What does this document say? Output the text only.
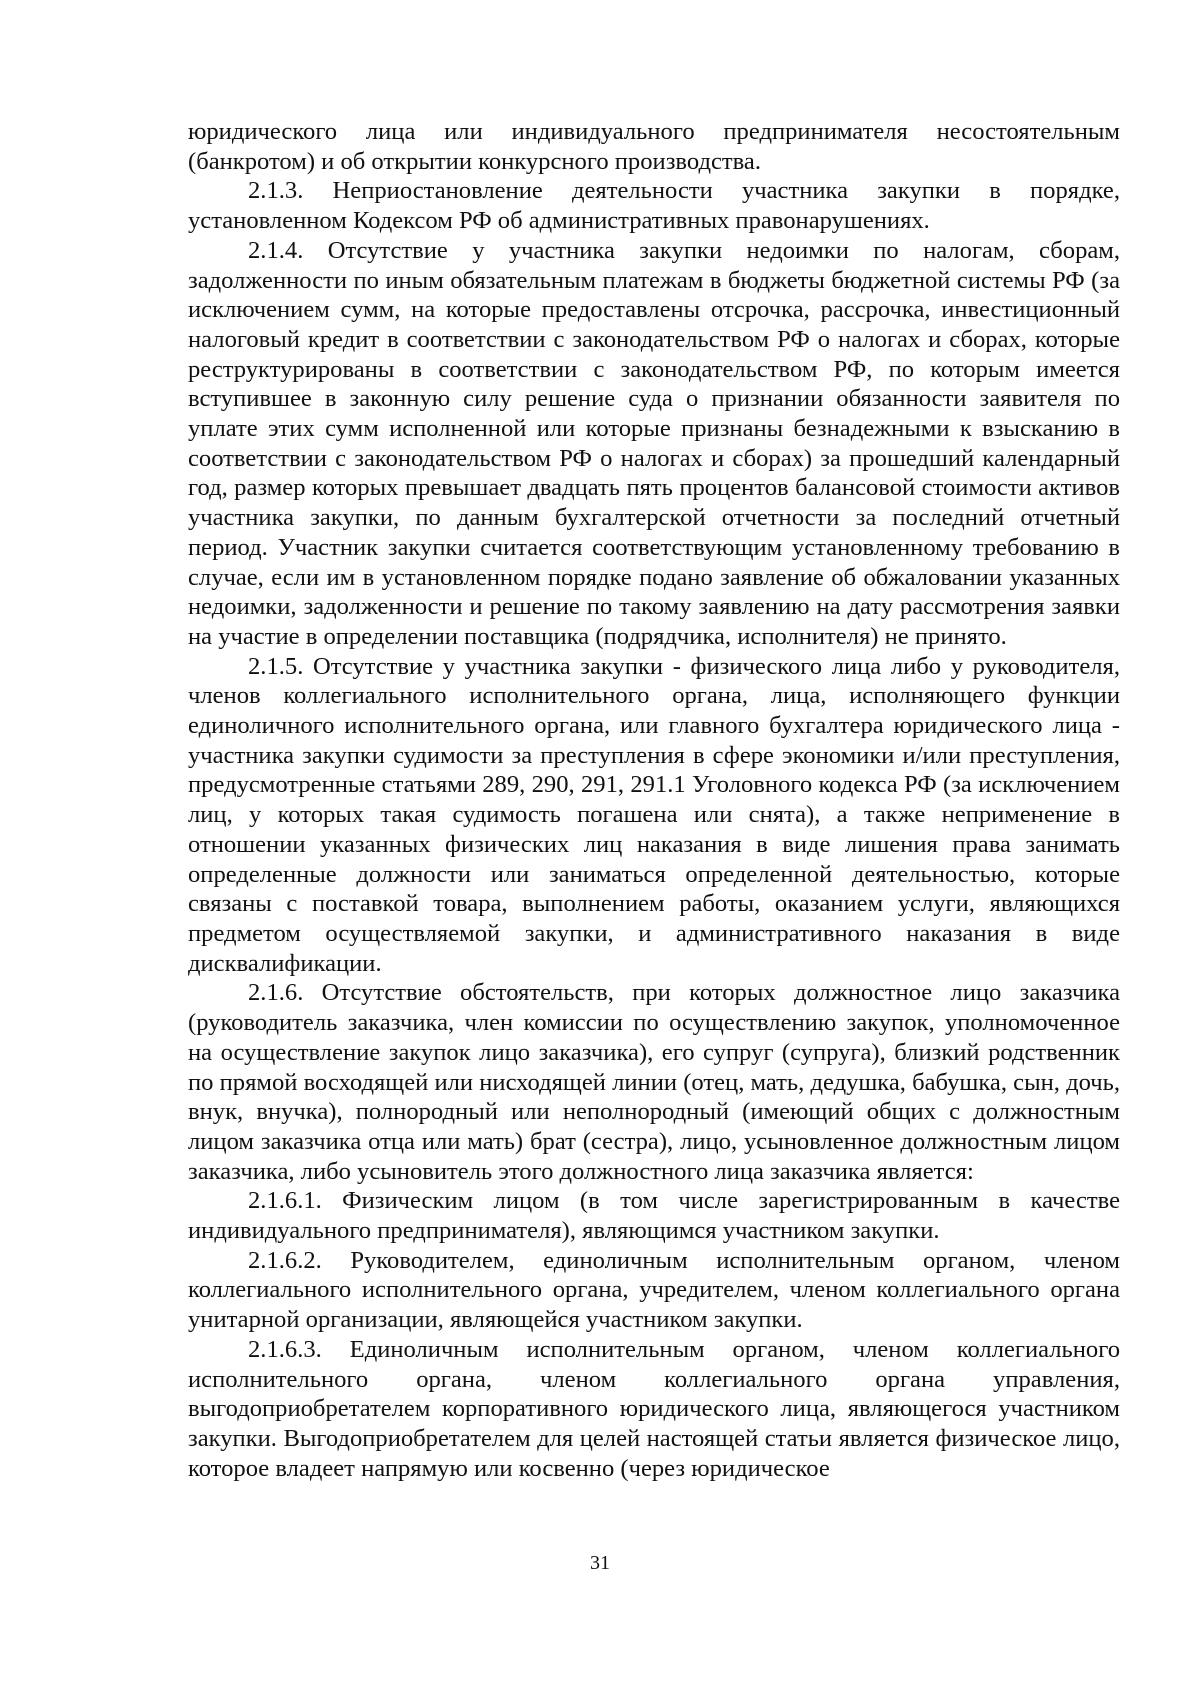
юридического лица или индивидуального предпринимателя несостоятельным (банкротом) и об открытии конкурсного производства.

2.1.3. Неприостановление деятельности участника закупки в порядке, установленном Кодексом РФ об административных правонарушениях.

2.1.4. Отсутствие у участника закупки недоимки по налогам, сборам, задолженности по иным обязательным платежам в бюджеты бюджетной системы РФ (за исключением сумм, на которые предоставлены отсрочка, рассрочка, инвестиционный налоговый кредит в соответствии с законодательством РФ о налогах и сборах, которые реструктурированы в соответствии с законодательством РФ, по которым имеется вступившее в законную силу решение суда о признании обязанности заявителя по уплате этих сумм исполненной или которые признаны безнадежными к взысканию в соответствии с законодательством РФ о налогах и сборах) за прошедший календарный год, размер которых превышает двадцать пять процентов балансовой стоимости активов участника закупки, по данным бухгалтерской отчетности за последний отчетный период. Участник закупки считается соответствующим установленному требованию в случае, если им в установленном порядке подано заявление об обжаловании указанных недоимки, задолженности и решение по такому заявлению на дату рассмотрения заявки на участие в определении поставщика (подрядчика, исполнителя) не принято.

2.1.5. Отсутствие у участника закупки - физического лица либо у руководителя, членов коллегиального исполнительного органа, лица, исполняющего функции единоличного исполнительного органа, или главного бухгалтера юридического лица - участника закупки судимости за преступления в сфере экономики и/или преступления, предусмотренные статьями 289, 290, 291, 291.1 Уголовного кодекса РФ (за исключением лиц, у которых такая судимость погашена или снята), а также неприменение в отношении указанных физических лиц наказания в виде лишения права занимать определенные должности или заниматься определенной деятельностью, которые связаны с поставкой товара, выполнением работы, оказанием услуги, являющихся предметом осуществляемой закупки, и административного наказания в виде дисквалификации.

2.1.6. Отсутствие обстоятельств, при которых должностное лицо заказчика (руководитель заказчика, член комиссии по осуществлению закупок, уполномоченное на осуществление закупок лицо заказчика), его супруг (супруга), близкий родственник по прямой восходящей или нисходящей линии (отец, мать, дедушка, бабушка, сын, дочь, внук, внучка), полнородный или неполнородный (имеющий общих с должностным лицом заказчика отца или мать) брат (сестра), лицо, усыновленное должностным лицом заказчика, либо усыновитель этого должностного лица заказчика является:

2.1.6.1. Физическим лицом (в том числе зарегистрированным в качестве индивидуального предпринимателя), являющимся участником закупки.

2.1.6.2. Руководителем, единоличным исполнительным органом, членом коллегиального исполнительного органа, учредителем, членом коллегиального органа унитарной организации, являющейся участником закупки.

2.1.6.3. Единоличным исполнительным органом, членом коллегиального исполнительного органа, членом коллегиального органа управления, выгодоприобретателем корпоративного юридического лица, являющегося участником закупки. Выгодоприобретателем для целей настоящей статьи является физическое лицо, которое владеет напрямую или косвенно (через юридическое

31
